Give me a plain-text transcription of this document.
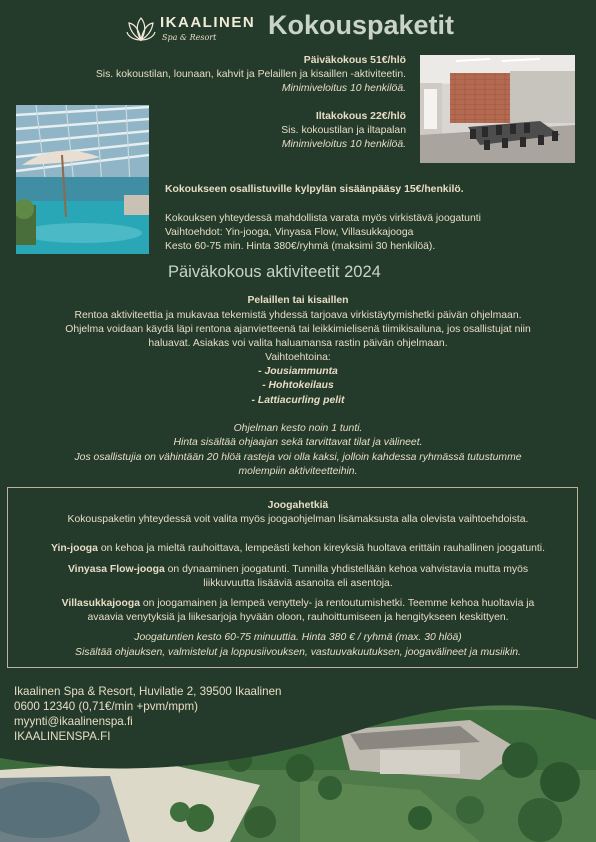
IKAALINEN
Spa & Resort Kokouspaketit
Päiväkokous 51€/hlö
Sis. kokoustilan, lounaan, kahvit ja Pelaillen ja kisaillen -aktiviteetin.
Minimiveloitus 10 henkilöä.
Iltakokous 22€/hlö
Sis. kokoustilan ja iltapalan
Minimiveloitus 10 henkilöä.
Kokoukseen osallistuville kylpylän sisäänpääsy 15€/henkilö.
Kokouksen yhteydessä mahdollista varata myös virkistävä joogatunti
Vaihtoehdot: Yin-jooga, Vinyasa Flow, Villasukkajooga
Kesto 60-75 min. Hinta 380€/ryhmä (maksimi 30 henkilöä).
Päiväkokous aktiviteetit 2024
Pelaillen tai kisaillen
Rentoa aktiviteettia ja mukavaa tekemistä yhdessä tarjoava virkistäytymishetki päivän ohjelmaan.
Ohjelma voidaan käydä läpi rentona ajanvietteenä tai leikkimielisenä tiimikisailuna, jos osallistujat niin
haluavat. Asiakas voi valita haluamansa rastin päivän ohjelmaan.
Vaihtoehtoina:
- Jousiammunta
- Hohtokeilaus
- Lattiacurling pelit
Ohjelman kesto noin 1 tunti.
Hinta sisältää ohjaajan sekä tarvittavat tilat ja välineet.
Jos osallistujia on vähintään 20 hlöä rasteja voi olla kaksi, jolloin kahdessa ryhmässä tutustumme
molempiin aktiviteetteihin.
Joogahetkiä
Kokouspaketin yhteydessä voit valita myös joogaohjelman lisämaksusta alla olevista vaihtoehdoista.
Yin-jooga on kehoa ja mieltä rauhoittava, lempeästi kehon kireyksiä huoltava erittäin rauhallinen joogatunti.
Vinyasa Flow-jooga on dynaaminen joogatunti. Tunnilla yhdistellään kehoa vahvistavia mutta myös
liikkuvuutta lisääviä asanoita eli asentoja.
Villasukkajooga on joogamainen ja lempeä venyttely- ja rentoutumishetki. Teemme kehoa huoltavia ja
avaavia venytyksiä ja liikesarjoja hyvään oloon, rauhoittumiseen ja hengitykseen keskittyen.
Joogatuntien kesto 60-75 minuuttia. Hinta 380 € / ryhmä (max. 30 hlöä)
Sisältää ohjauksen, valmistelut ja loppusiivouksen, vastuuvakuutuksen, joogavälineet ja musiikin.
Ikaalinen Spa & Resort, Huvilatie 2, 39500 Ikaalinen
0600 12340 (0,71€/min +pvm/mpm)
myynti@ikaalinenspa.fi
IKAALINENSPA.FI
